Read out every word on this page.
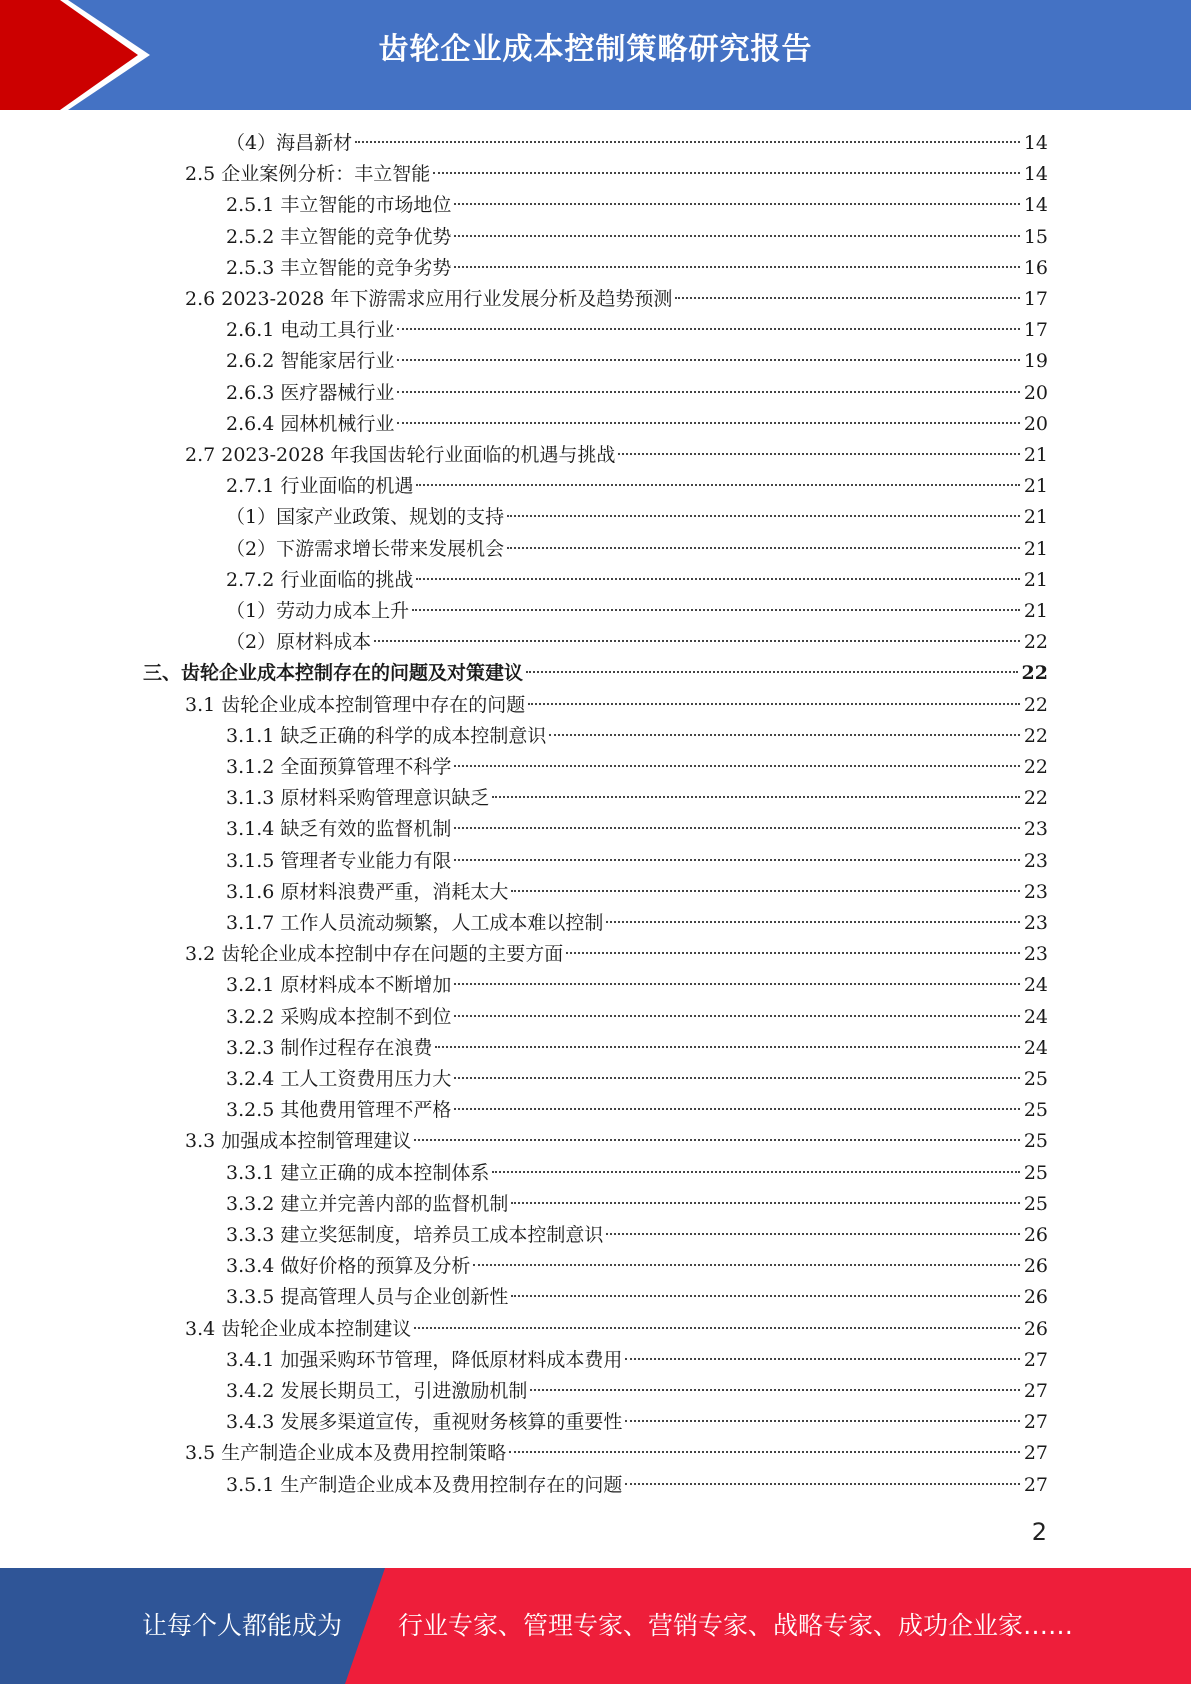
齿轮企业成本控制策略研究报告
（4）海昌新材	14
2.5 企业案例分析：丰立智能	14
2.5.1 丰立智能的市场地位	14
2.5.2 丰立智能的竞争优势	15
2.5.3 丰立智能的竞争劣势	16
2.6 2023-2028 年下游需求应用行业发展分析及趋势预测	17
2.6.1 电动工具行业	17
2.6.2 智能家居行业	19
2.6.3 医疗器械行业	20
2.6.4 园林机械行业	20
2.7 2023-2028 年我国齿轮行业面临的机遇与挑战	21
2.7.1 行业面临的机遇	21
（1）国家产业政策、规划的支持	21
（2）下游需求增长带来发展机会	21
2.7.2 行业面临的挑战	21
（1）劳动力成本上升	21
（2）原材料成本	22
三、齿轮企业成本控制存在的问题及对策建议	22
3.1 齿轮企业成本控制管理中存在的问题	22
3.1.1 缺乏正确的科学的成本控制意识	22
3.1.2 全面预算管理不科学	22
3.1.3 原材料采购管理意识缺乏	22
3.1.4 缺乏有效的监督机制	23
3.1.5 管理者专业能力有限	23
3.1.6 原材料浪费严重，消耗太大	23
3.1.7 工作人员流动频繁，人工成本难以控制	23
3.2 齿轮企业成本控制中存在问题的主要方面	23
3.2.1 原材料成本不断增加	24
3.2.2 采购成本控制不到位	24
3.2.3 制作过程存在浪费	24
3.2.4 工人工资费用压力大	25
3.2.5 其他费用管理不严格	25
3.3 加强成本控制管理建议	25
3.3.1 建立正确的成本控制体系	25
3.3.2 建立并完善内部的监督机制	25
3.3.3 建立奖惩制度，培养员工成本控制意识	26
3.3.4 做好价格的预算及分析	26
3.3.5 提高管理人员与企业创新性	26
3.4 齿轮企业成本控制建议	26
3.4.1 加强采购环节管理，降低原材料成本费用	27
3.4.2 发展长期员工，引进激励机制	27
3.4.3 发展多渠道宣传，重视财务核算的重要性	27
3.5 生产制造企业成本及费用控制策略	27
3.5.1 生产制造企业成本及费用控制存在的问题	27
2
让每个人都能成为 行业专家、管理专家、营销专家、战略专家、成功企业家……
